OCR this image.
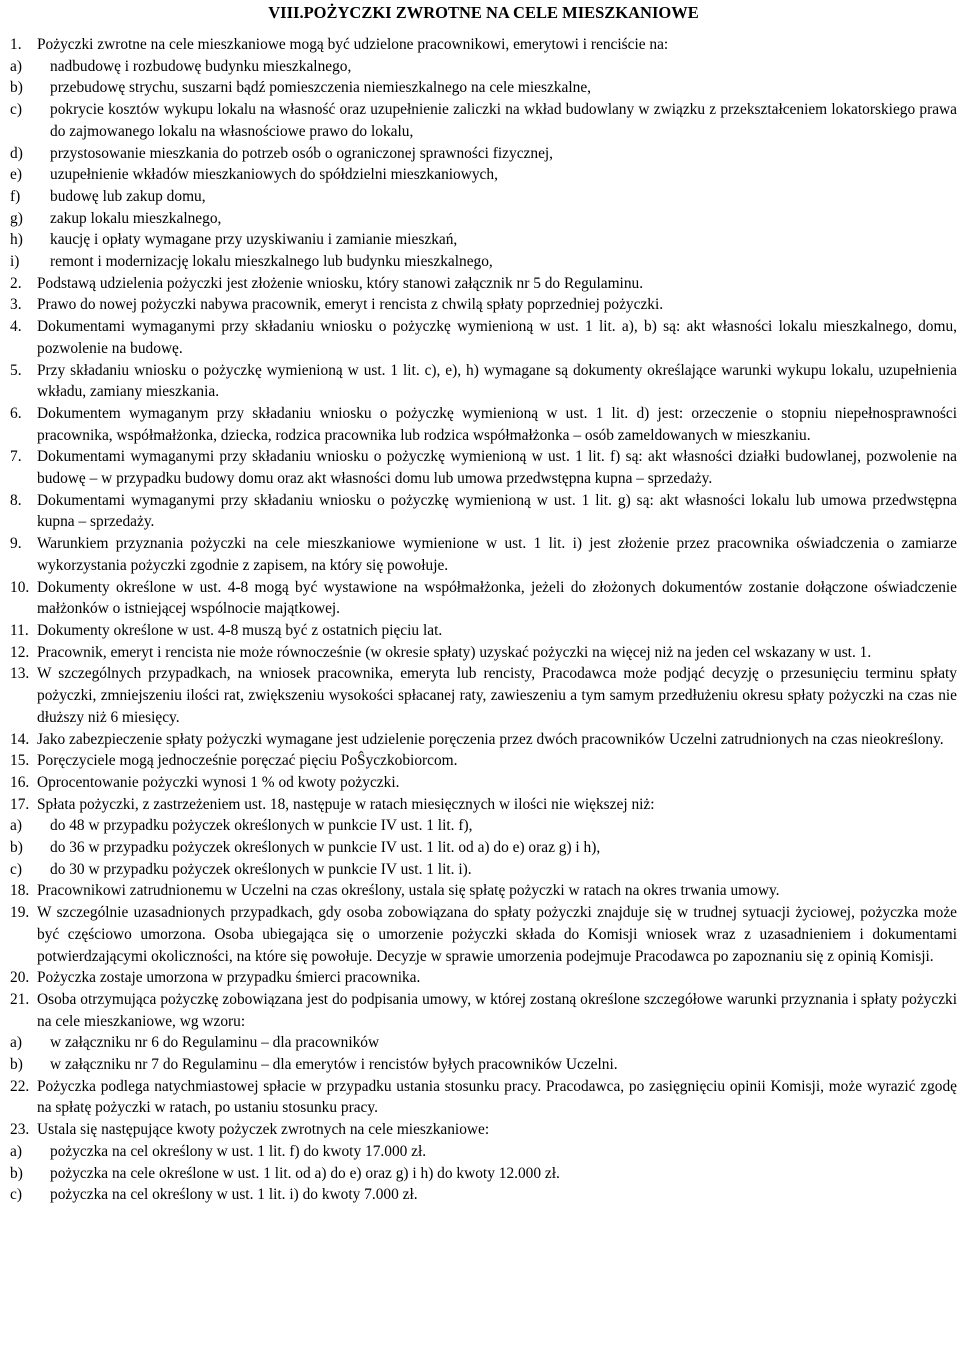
VIII.POŻYCZKI ZWROTNE NA CELE MIESZKANIOWE
1.	Pożyczki zwrotne na cele mieszkaniowe mogą być udzielone pracownikowi, emerytowi i renciście na:
a)	nadbudowę i rozbudowę budynku mieszkalnego,
b)	przebudowę strychu, suszarni bądź pomieszczenia niemieszkalnego na cele mieszkalne,
c)	pokrycie kosztów wykupu lokalu na własność oraz uzupełnienie zaliczki na wkład budowlany w związku z przekształceniem lokatorskiego prawa do zajmowanego lokalu na własnościowe prawo do lokalu,
d)	przystosowanie mieszkania do potrzeb osób o ograniczonej sprawności fizycznej,
e)	uzupełnienie wkładów mieszkaniowych do spółdzielni mieszkaniowych,
f)	budowę lub zakup domu,
g)	zakup lokalu mieszkalnego,
h)	kaucję i opłaty wymagane przy uzyskiwaniu i zamianie mieszkań,
i)	remont i modernizację lokalu mieszkalnego lub budynku mieszkalnego,
2.	Podstawą udzielenia pożyczki jest złożenie wniosku, który stanowi załącznik nr 5 do Regulaminu.
3.	Prawo do nowej pożyczki nabywa pracownik, emeryt i rencista z chwilą spłaty poprzedniej pożyczki.
4.	Dokumentami wymaganymi przy składaniu wniosku o pożyczkę wymienioną w ust. 1 lit. a), b) są: akt własności lokalu mieszkalnego, domu, pozwolenie na budowę.
5.	Przy składaniu wniosku o pożyczkę wymienioną w ust. 1 lit. c), e), h) wymagane są dokumenty określające warunki wykupu lokalu, uzupełnienia wkładu, zamiany mieszkania.
6.	Dokumentem wymaganym przy składaniu wniosku o pożyczkę wymienioną w ust. 1 lit. d) jest: orzeczenie o stopniu niepełnosprawności pracownika, współmałżonka, dziecka, rodzica pracownika lub rodzica współmałżonka – osób zameldowanych w mieszkaniu.
7.	Dokumentami wymaganymi przy składaniu wniosku o pożyczkę wymienioną w ust. 1 lit. f) są: akt własności działki budowlanej, pozwolenie na budowę – w przypadku budowy domu oraz akt własności domu lub umowa przedwstępna kupna – sprzedaży.
8.	Dokumentami wymaganymi przy składaniu wniosku o pożyczkę wymienioną w ust. 1 lit. g) są: akt własności lokalu lub umowa przedwstępna kupna – sprzedaży.
9.	Warunkiem przyznania pożyczki na cele mieszkaniowe wymienione w ust. 1 lit. i) jest złożenie przez pracownika oświadczenia o zamiarze wykorzystania pożyczki zgodnie z zapisem, na który się powołuje.
10. Dokumenty określone w ust. 4-8 mogą być wystawione na współmałżonka, jeżeli do złożonych dokumentów zostanie dołączone oświadczenie małżonków o istniejącej wspólnocie majątkowej.
11. Dokumenty określone w ust. 4-8 muszą być z ostatnich pięciu lat.
12. Pracownik, emeryt i rencista nie może równocześnie (w okresie spłaty) uzyskać pożyczki na więcej niż na jeden cel wskazany w ust. 1.
13. W szczególnych przypadkach, na wniosek pracownika, emeryta lub rencisty, Pracodawca może podjąć decyzję o przesunięciu terminu spłaty pożyczki, zmniejszeniu ilości rat, zwiększeniu wysokości spłacanej raty, zawieszeniu a tym samym przedłużeniu okresu spłaty pożyczki na czas nie dłuższy niż 6 miesięcy.
14. Jako zabezpieczenie spłaty pożyczki wymagane jest udzielenie poręczenia przez dwóch pracowników Uczelni zatrudnionych na czas nieokreślony.
15. Poręczyciele mogą jednocześnie poręczać pięciu PoŜyczkobiorcom.
16. Oprocentowanie pożyczki wynosi 1 % od kwoty pożyczki.
17. Spłata pożyczki, z zastrzeżeniem ust. 18, następuje w ratach miesięcznych w ilości nie większej niż:
a)	do 48 w przypadku pożyczek określonych w punkcie IV ust. 1 lit. f),
b)	do 36 w przypadku pożyczek określonych w punkcie IV ust. 1 lit. od a) do e) oraz g) i h),
c)	do 30 w przypadku pożyczek określonych w punkcie IV ust. 1 lit. i).
18. Pracownikowi zatrudnionemu w Uczelni na czas określony, ustala się spłatę pożyczki w ratach na okres trwania umowy.
19. W szczególnie uzasadnionych przypadkach, gdy osoba zobowiązana do spłaty pożyczki znajduje się w trudnej sytuacji życiowej, pożyczka może być częściowo umorzona. Osoba ubiegająca się o umorzenie pożyczki składa do Komisji wniosek wraz z uzasadnieniem i dokumentami potwierdzającymi okoliczności, na które się powołuje. Decyzje w sprawie umorzenia podejmuje Pracodawca po zapoznaniu się z opinią Komisji.
20. Pożyczka zostaje umorzona w przypadku śmierci pracownika.
21. Osoba otrzymująca pożyczkę zobowiązana jest do podpisania umowy, w której zostaną określone szczegółowe warunki przyznania i spłaty pożyczki na cele mieszkaniowe, wg wzoru:
a)	w załączniku nr 6 do Regulaminu – dla pracowników
b)	w załączniku nr 7 do Regulaminu – dla emerytów i rencistów byłych pracowników Uczelni.
22. Pożyczka podlega natychmiastowej spłacie w przypadku ustania stosunku pracy. Pracodawca, po zasięgnięciu opinii Komisji, może wyrazić zgodę na spłatę pożyczki w ratach, po ustaniu stosunku pracy.
23. Ustala się następujące kwoty pożyczek zwrotnych na cele mieszkaniowe:
a)	pożyczka na cel określony w ust. 1 lit. f) do kwoty 17.000 zł.
b)	pożyczka na cele określone w ust. 1 lit. od a) do e) oraz g) i h) do kwoty 12.000 zł.
c)	pożyczka na cel określony w ust. 1 lit. i) do kwoty 7.000 zł.
